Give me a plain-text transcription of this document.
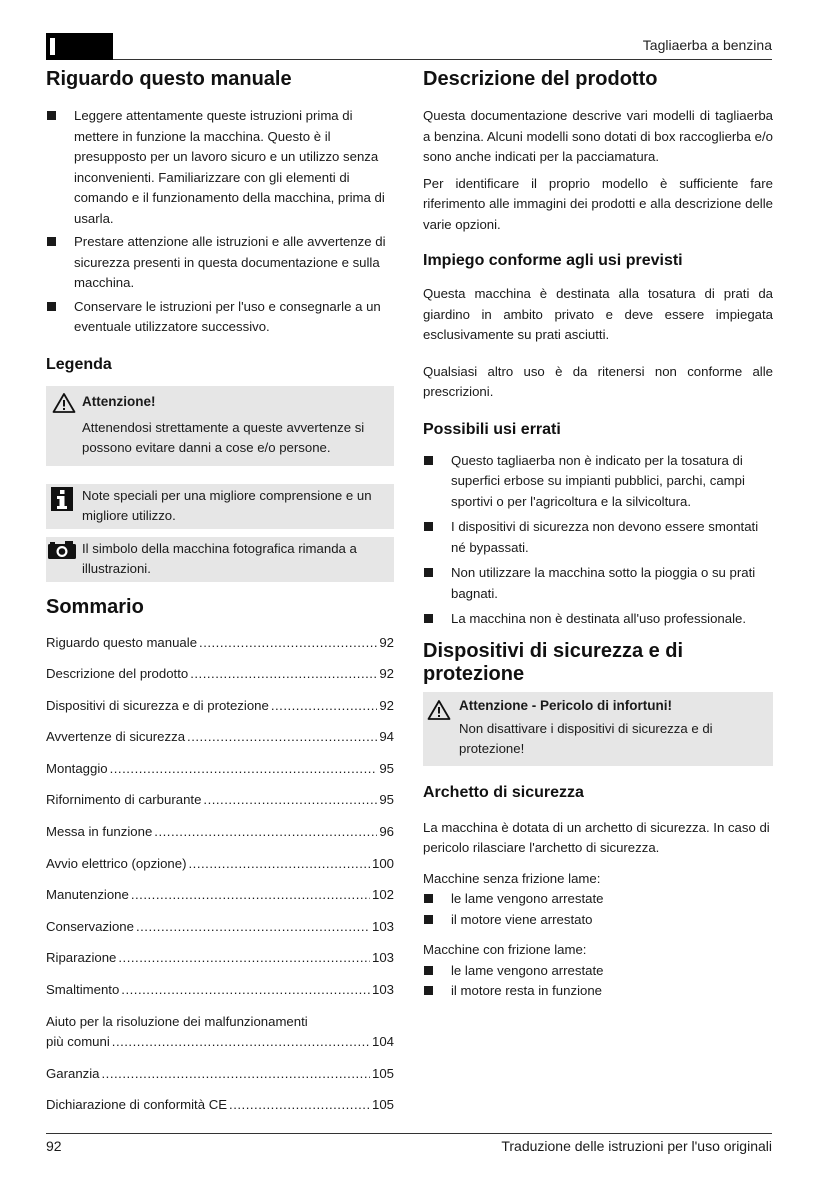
Tagliaerba a benzina
Riguardo questo manuale
Leggere attentamente queste istruzioni prima di mettere in funzione la macchina. Questo è il presupposto per un lavoro sicuro e un utilizzo senza inconvenienti. Familiarizzare con gli elementi di comando e il funzionamento della macchina, prima di usarla.
Prestare attenzione alle istruzioni e alle avvertenze di sicurezza presenti in questa documentazione e sulla macchina.
Conservare le istruzioni per l'uso e consegnarle a un eventuale utilizzatore successivo.
Legenda
Attenzione!

Attenendosi strettamente a queste avvertenze si possono evitare danni a cose e/o persone.

Note speciali per una migliore comprensione e un migliore utilizzo.

Il simbolo della macchina fotografica rimanda a illustrazioni.

Sommario
Riguardo questo manuale .....	92
Descrizione del prodotto .....	92
Dispositivi di sicurezza e di protezione .....	92
Avvertenze di sicurezza .....	94
Montaggio .....	95
Rifornimento di carburante .....	95
Messa in funzione .....	96
Avvio elettrico (opzione) .....	100
Manutenzione .....	102
Conservazione .....	103
Riparazione .....	103
Smaltimento .....	103
Aiuto per la risoluzione dei malfunzionamenti
più comuni .....	104
Garanzia .....	105
Dichiarazione di conformità CE .....	105
Descrizione del prodotto

Questa documentazione descrive vari modelli di tagliaerba a benzina. Alcuni modelli sono dotati di box raccoglierba e/o sono anche indicati per la pacciamatura.

Per identificare il proprio modello è sufficiente fare riferimento alle immagini dei prodotti e alla descrizione delle varie opzioni.

Impiego conforme agli usi previsti

Questa macchina è destinata alla tosatura di prati da giardino in ambito privato e deve essere impiegata esclusivamente su prati asciutti.

Qualsiasi altro uso è da ritenersi non conforme alle prescrizioni.

Possibili usi errati
Questo tagliaerba non è indicato per la tosatura di superfici erbose su impianti pubblici, parchi, campi sportivi o per l'agricoltura e la silvicoltura.
I dispositivi di sicurezza non devono essere smontati né bypassati.
Non utilizzare la macchina sotto la pioggia o su prati bagnati.
La macchina non è destinata all'uso professionale.
Dispositivi di sicurezza e di protezione
Attenzione - Pericolo di infortuni!

Non disattivare i dispositivi di sicurezza e di protezione!

Archetto di sicurezza

La macchina è dotata di un archetto di sicurezza. In caso di pericolo rilasciare l'archetto di sicurezza.

Macchine senza frizione lame:

le lame vengono arrestate
il motore viene arrestato

Macchine con frizione lame:

le lame vengono arrestate
il motore resta in funzione
92	Traduzione delle istruzioni per l'uso originali
